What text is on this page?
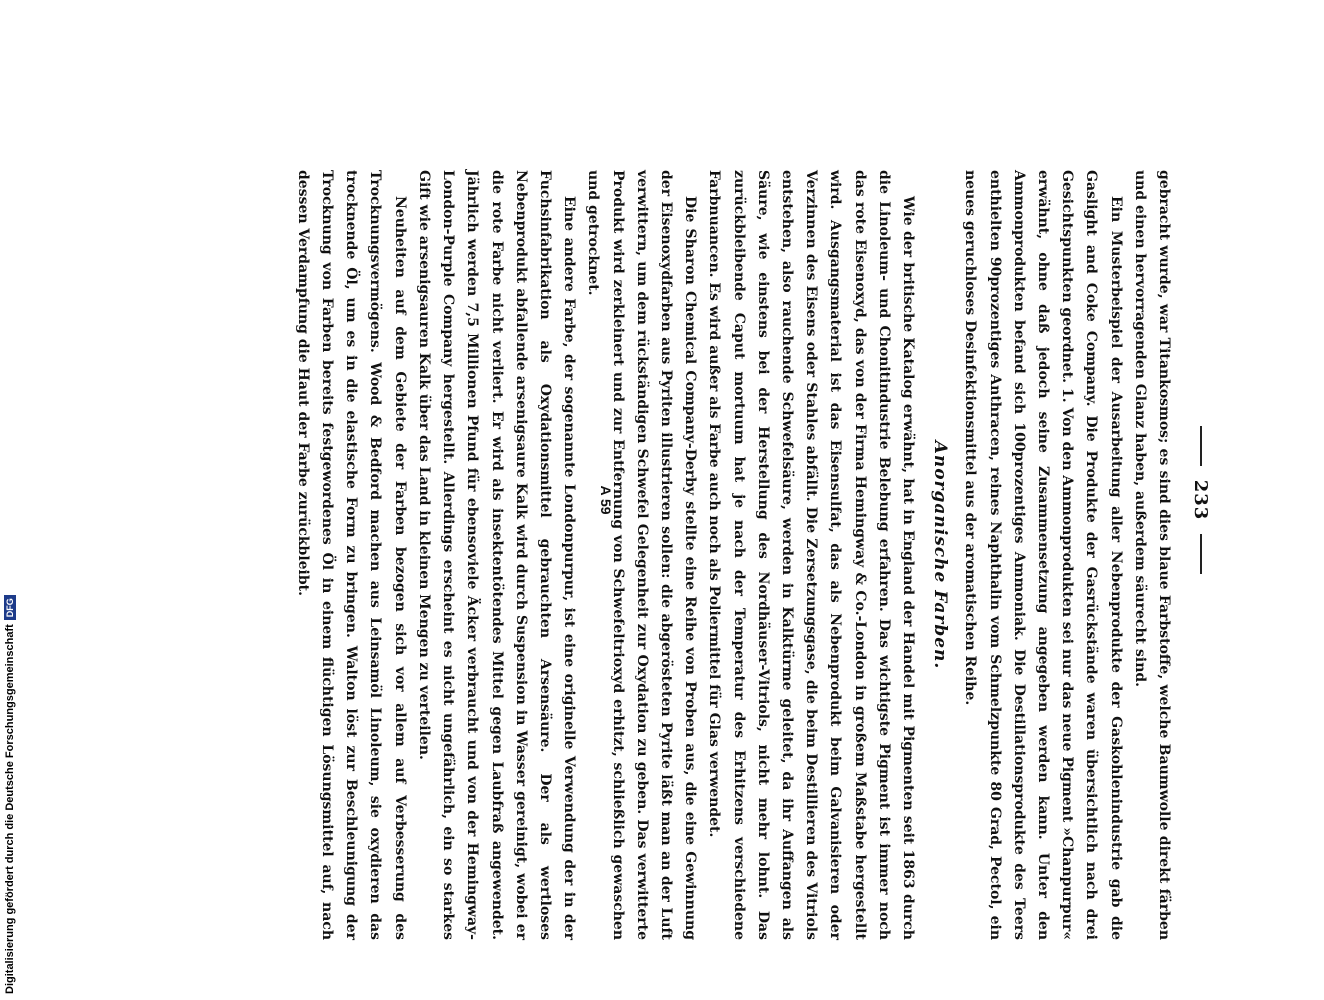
233

gebracht wurde, war Titankosmos; es sind dies blaue Farbstoffe, welche Baumwolle direkt färben und einen hervorragenden Glanz haben, außerdem säurecht sind.

Ein Musterbeispiel der Ausarbeitung aller Nebenprodukte der Gaskohlenindustrie gab die Gaslight and Coke Company. Die Produkte der Gasrückstände waren übersichtlich nach drei Gesichtspunkten geordnet. 1. Von den Ammonprodukten sei nur das neue Pigment »Chanpurpur« erwähnt, ohne daß jedoch seine Zusammensetzung angegeben werden kann. Unter den Ammonprodukten befand sich 100prozentiges Ammoniak. Die Destillationsprodukte des Teers enthielten 90prozentiges Anthracen, reines Naphthalin vom Schmelzpunkte 80 Grad, Pectol, ein neues geruchloses Desinfektionsmittel aus der aromatischen Reihe.

Anorganische Farben.

Wie der britische Katalog erwähnt, hat in England der Handel mit Pigmenten seit 1863 durch die Linoleum- und Chonitindustrie Belebung erfahren. Das wichtigste Pigment ist immer noch das rote Eisenoxyd, das von der Firma Hemingway & Co.-London in großem Maßstabe hergestellt wird. Ausgangsmaterial ist das Eisensulfat, das als Nebenprodukt beim Galvanisieren oder Verzinnen des Eisens oder Stahles abfällt. Die Zersetzungsgase, die beim Destillieren des Vitriols entstehen, also rauchende Schwefelsäure, werden in Kalktürme geleitet, da ihr Auffangen als Säure, wie einstens bei der Herstellung des Nordhäuser-Vitriols, nicht mehr lohnt. Das zurückbleibende Caput mortuum hat je nach der Temperatur des Erhitzens verschiedene Farbnuancen. Es wird außer als Farbe auch noch als Poliermittel für Glas verwendet.

Die Sharon Chemical Company-Derby stellte eine Reihe von Proben aus, die eine Gewinnung der Eisenoxydfarben aus Pyriten illustrieren sollen: die abgerösteten Pyrite läßt man an der Luft verwittern, um dem rückständigen Schwefel Gelegenheit zur Oxydation zu geben. Das verwitterte Produkt wird zerkleinert und zur Entfernung von Schwefeltrioxyd erhitzt, schließlich gewaschen und getrocknet.

Eine andere Farbe, der sogenannte Londonpurpur, ist eine originelle Verwendung der in der Fuchsinfabrikation als Oxydationsmittel gebrauchten Arsensäure. Der als wertloses Nebenprodukt abfallende arsenigsaure Kalk wird durch Suspension in Wasser gereinigt, wobei er die rote Farbe nicht verliert. Er wird als insektentötendes Mittel gegen Laubfraß angewendet. Jährlich werden 7,5 Millionen Pfund für ebensoviele Äcker verbraucht und von der Hemingway-London-Purple Company hergestellt. Allerdings erscheint es nicht ungefährlich, ein so starkes Gift wie arsenigsauren Kalk über das Land in kleinen Mengen zu verteilen.

Neuheiten auf dem Gebiete der Farben bezogen sich vor allem auf Verbesserung des Trocknungsvermögens. Wood & Bedford machen aus Leinsamöl Linoleum, sie oxydieren das trocknende Öl, um es in die elastische Form zu bringen. Walton löst zur Beschleunigung der Trocknung von Farben bereits festgewordenes Öl in einem flüchtigen Lösungsmittel auf, nach dessen Verdampfung die Haut der Farbe zurückbleibt.	A 59
Digitalisierung gefördert durch die Deutsche Forschungsgemeinschaft
DFG
